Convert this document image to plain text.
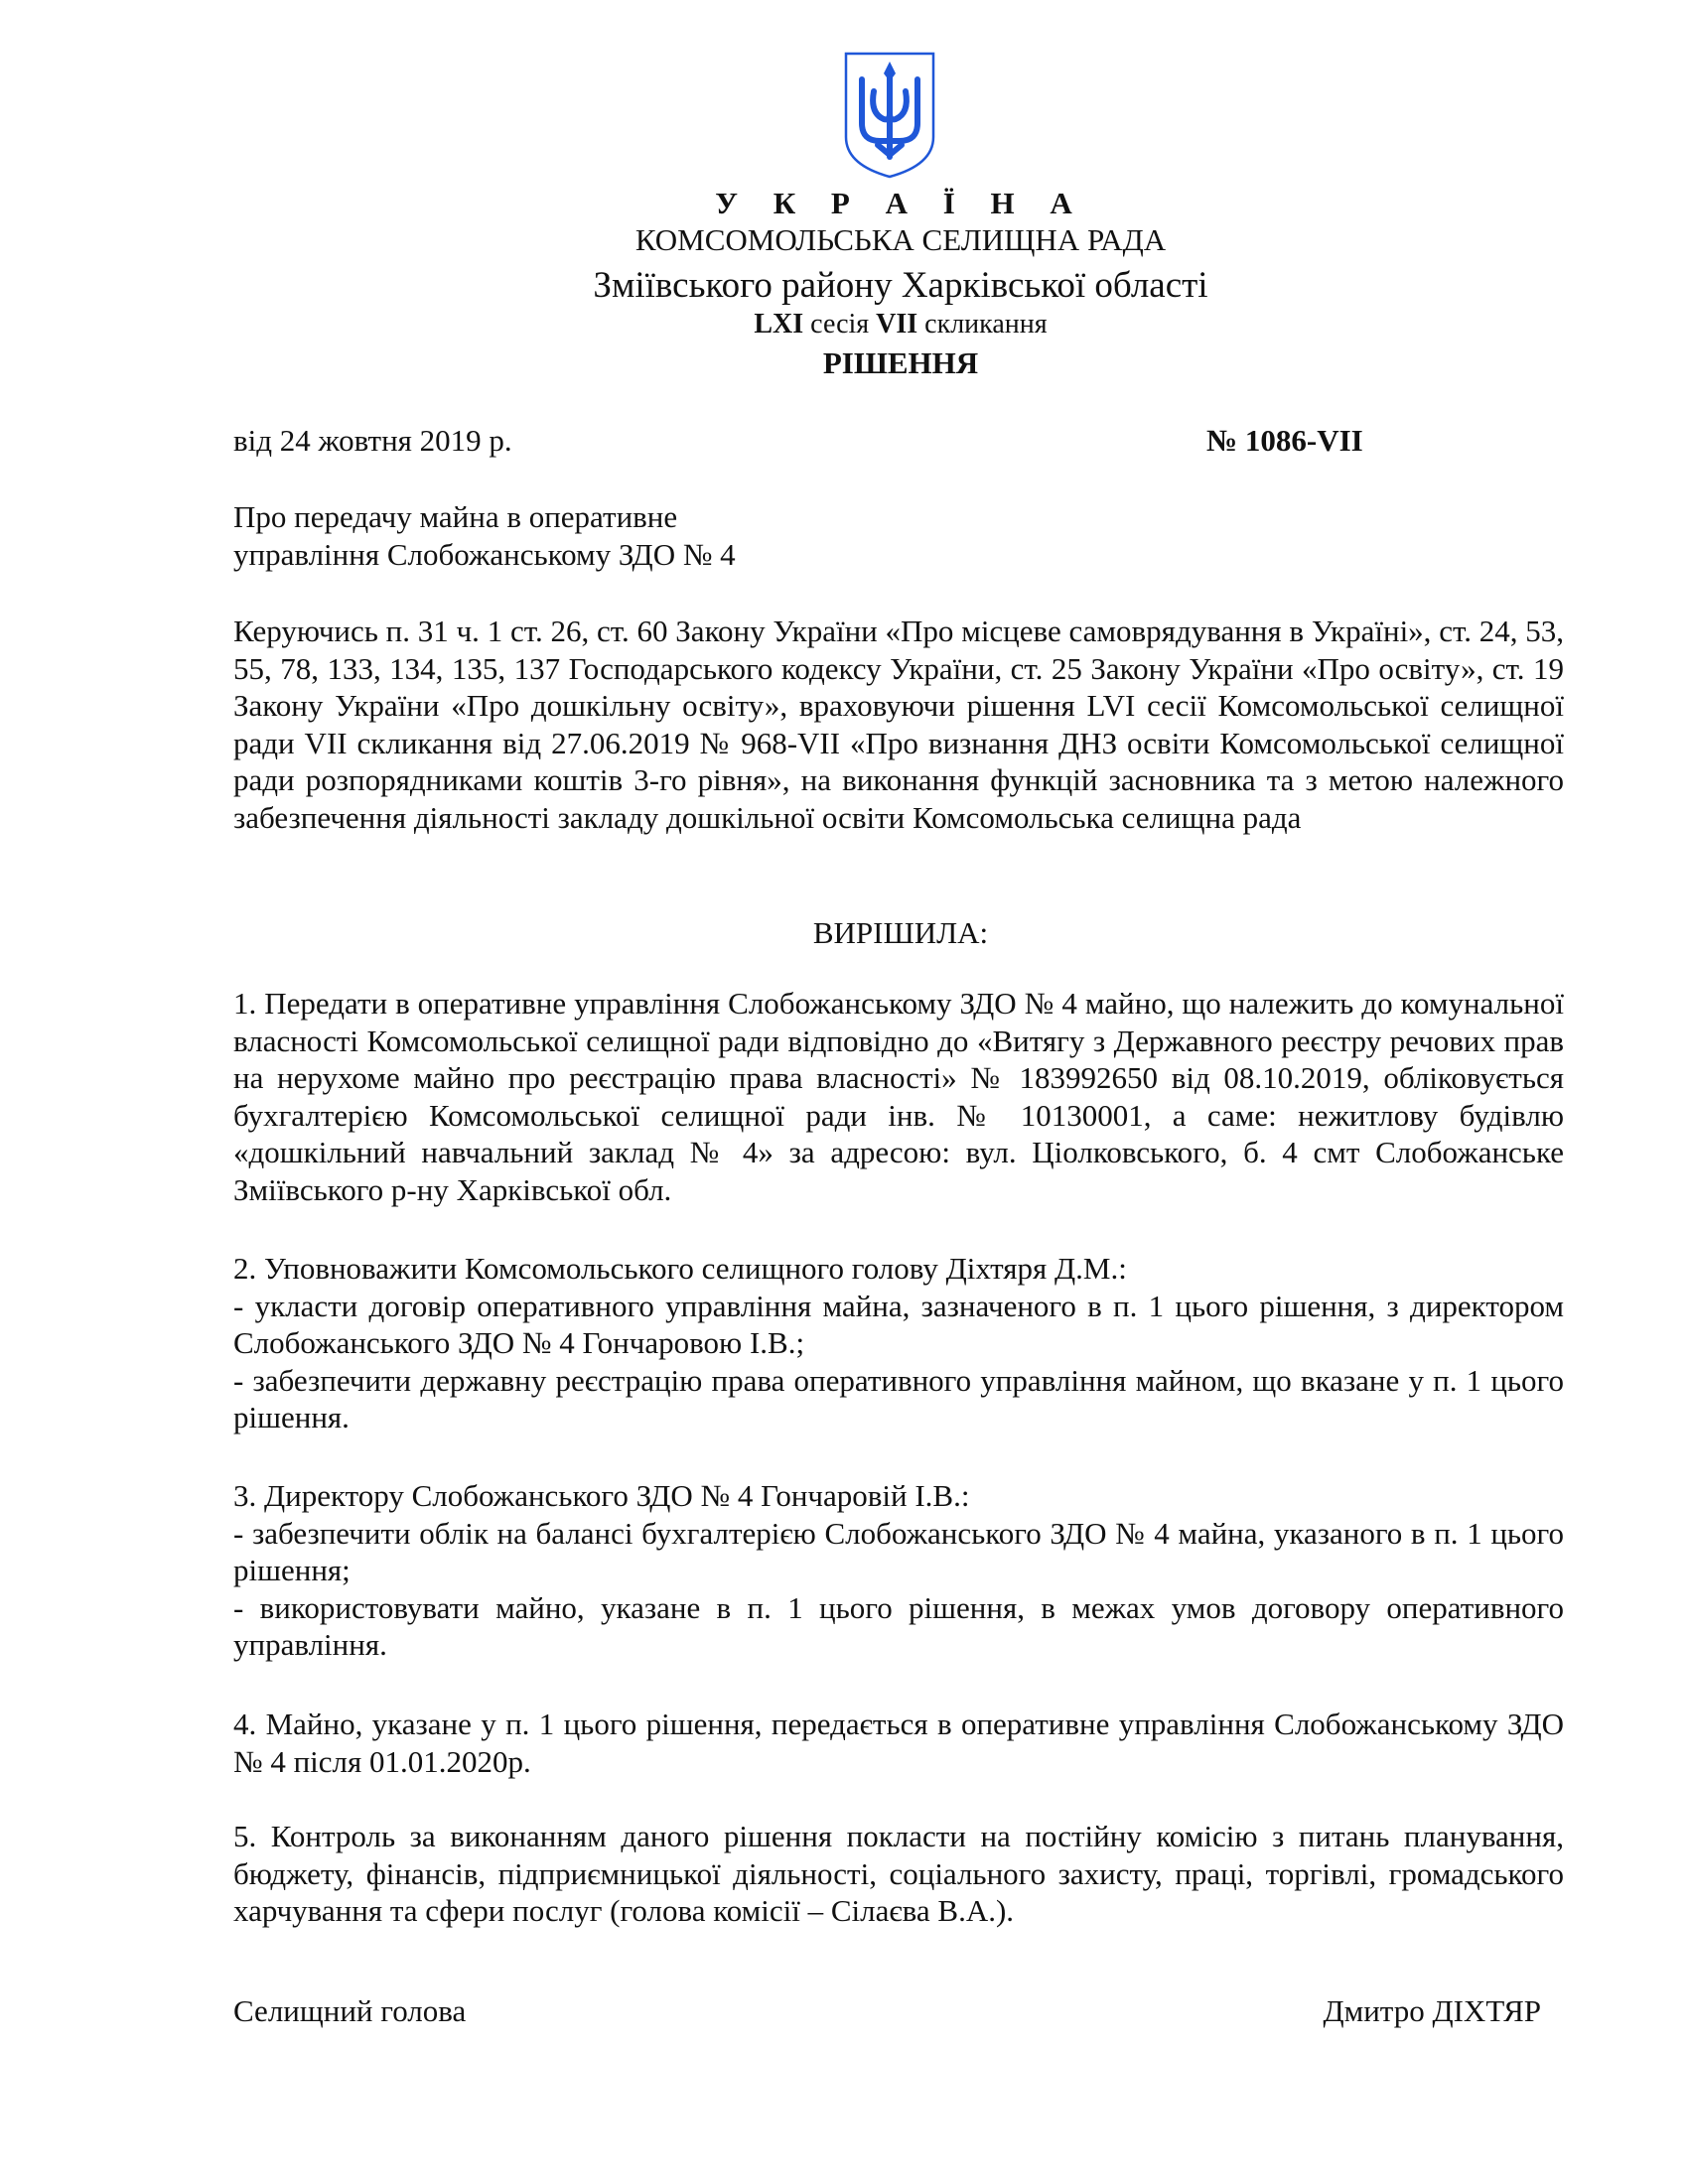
У К Р А Ї Н А
КОМСОМОЛЬСЬКА СЕЛИЩНА РАДА
Зміївського району Харківської області
LXI сесія VII скликання
РІШЕННЯ
від 24 жовтня 2019 р.	№ 1086-VII
Про передачу майна в оперативне
управління Слобожанському ЗДО № 4
Керуючись п. 31 ч. 1 ст. 26, ст. 60 Закону України «Про місцеве самоврядування в Україні», ст. 24, 53, 55, 78, 133, 134, 135, 137 Господарського кодексу України, ст. 25 Закону України «Про освіту», ст. 19 Закону України «Про дошкільну освіту», враховуючи рішення LVI сесії Комсомольської селищної ради VII скликання від 27.06.2019 № 968-VII «Про визнання ДНЗ освіти Комсомольської селищної ради розпорядниками коштів 3-го рівня», на виконання функцій засновника та з метою належного забезпечення діяльності закладу дошкільної освіти Комсомольська селищна рада
ВИРІШИЛА:
1. Передати в оперативне управління Слобожанському ЗДО № 4 майно, що належить до комунальної власності Комсомольської селищної ради відповідно до «Витягу з Державного реєстру речових прав на нерухоме майно про реєстрацію права власності» № 183992650 від 08.10.2019, обліковується бухгалтерією Комсомольської селищної ради інв. № 10130001, а саме: нежитлову будівлю «дошкільний навчальний заклад № 4» за адресою: вул. Ціолковського, б. 4 смт Слобожанське Зміївського р-ну Харківської обл.
2. Уповноважити Комсомольського селищного голову Діхтяря Д.М.:
- укласти договір оперативного управління майна, зазначеного в п. 1 цього рішення, з директором Слобожанського ЗДО № 4 Гончаровою І.В.;
- забезпечити державну реєстрацію права оперативного управління майном, що вказане у п. 1 цього рішення.
3. Директору Слобожанського ЗДО № 4 Гончаровій І.В.:
- забезпечити облік на балансі бухгалтерією Слобожанського ЗДО № 4 майна, указаного в п. 1 цього рішення;
- використовувати майно, указане в п. 1 цього рішення, в межах умов договору оперативного управління.
4. Майно, указане у п. 1 цього рішення, передається в оперативне управління Слобожанському ЗДО № 4 після 01.01.2020р.
5. Контроль за виконанням даного рішення покласти на постійну комісію з питань планування, бюджету, фінансів, підприємницької діяльності, соціального захисту, праці, торгівлі, громадського харчування та сфери послуг (голова комісії – Сілаєва В.А.).
Селищний голова	Дмитро ДІХТЯР
